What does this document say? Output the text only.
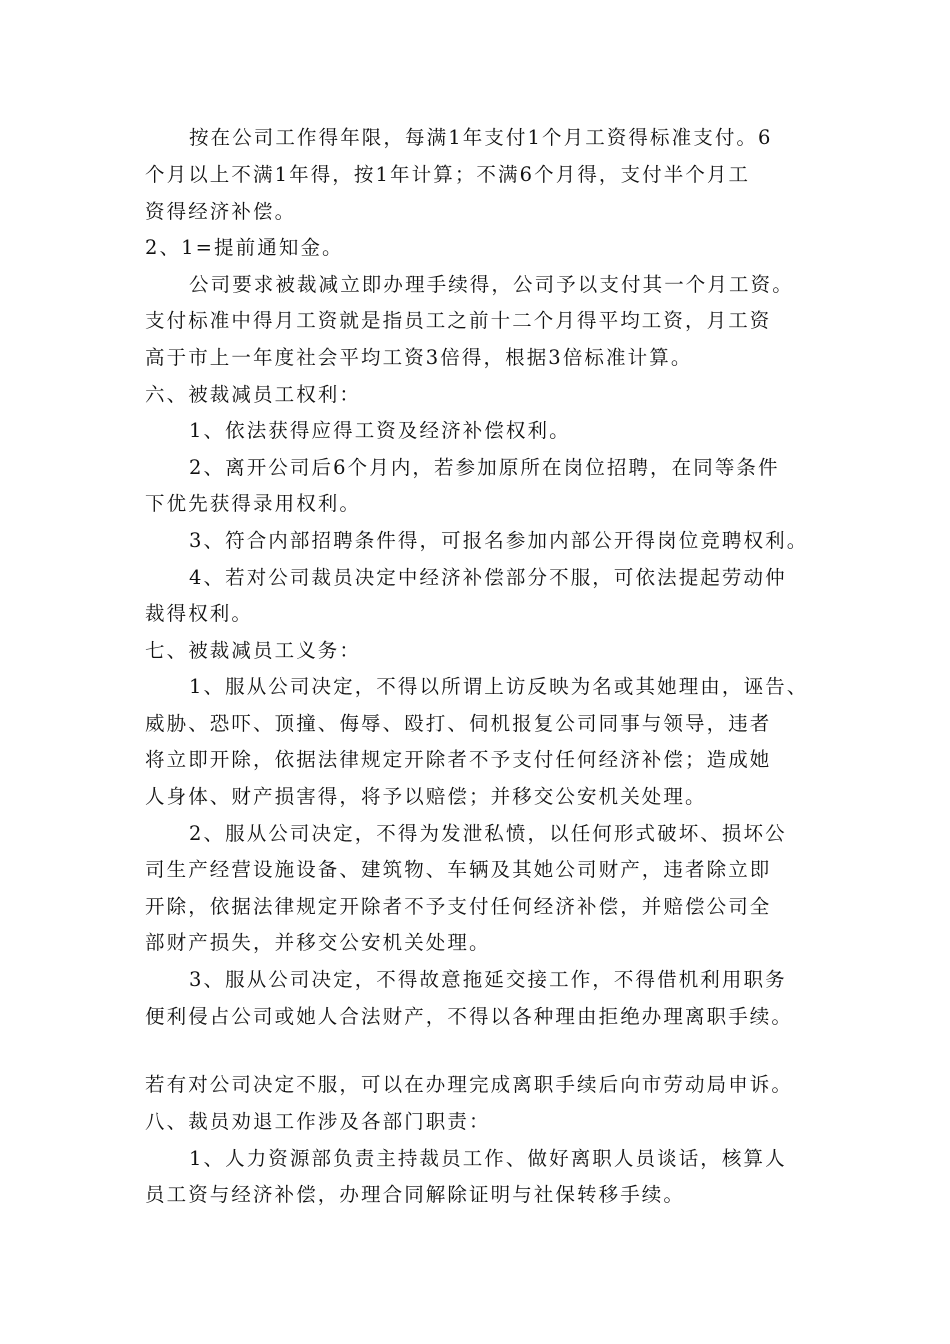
按在公司工作得年限，每满1年支付1个月工资得标准支付。6
个月以上不满1年得，按1年计算；不满6个月得，支付半个月工
资得经济补偿。
2、1=提前通知金。
公司要求被裁减立即办理手续得，公司予以支付其一个月工资。
支付标准中得月工资就是指员工之前十二个月得平均工资，月工资
高于市上一年度社会平均工资3倍得，根据3倍标准计算。
六、被裁减员工权利：
1、依法获得应得工资及经济补偿权利。
2、离开公司后6个月内，若参加原所在岗位招聘，在同等条件
下优先获得录用权利。
3、符合内部招聘条件得，可报名参加内部公开得岗位竞聘权利。
4、若对公司裁员决定中经济补偿部分不服，可依法提起劳动仲
裁得权利。
七、被裁减员工义务：
1、服从公司决定，不得以所谓上访反映为名或其她理由，诬告、
威胁、恐吓、顶撞、侮辱、殴打、伺机报复公司同事与领导，违者
将立即开除，依据法律规定开除者不予支付任何经济补偿；造成她
人身体、财产损害得，将予以赔偿；并移交公安机关处理。
2、服从公司决定，不得为发泄私愤，以任何形式破坏、损坏公
司生产经营设施设备、建筑物、车辆及其她公司财产，违者除立即
开除，依据法律规定开除者不予支付任何经济补偿，并赔偿公司全
部财产损失，并移交公安机关处理。
3、服从公司决定，不得故意拖延交接工作，不得借机利用职务
便利侵占公司或她人合法财产，不得以各种理由拒绝办理离职手续。
若有对公司决定不服，可以在办理完成离职手续后向市劳动局申诉。
八、裁员劝退工作涉及各部门职责：
1、人力资源部负责主持裁员工作、做好离职人员谈话，核算人
员工资与经济补偿，办理合同解除证明与社保转移手续。
